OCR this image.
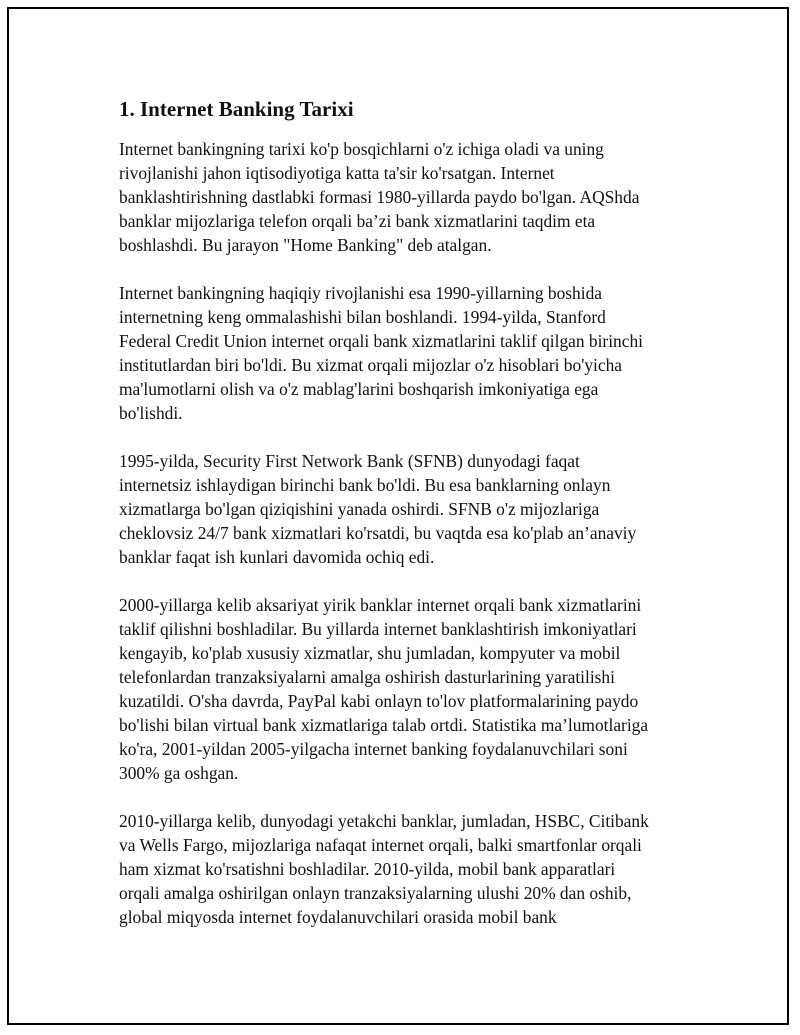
1. Internet Banking Tarixi

Internet bankingning tarixi ko'p bosqichlarni o'z ichiga oladi va uning
rivojlanishi jahon iqtisodiyotiga katta ta'sir ko'rsatgan. Internet
banklashtirishning dastlabki formasi 1980-yillarda paydo bo'lgan. AQShda
banklar mijozlariga telefon orqali ba’zi bank xizmatlarini taqdim eta
boshlashdi. Bu jarayon "Home Banking" deb atalgan.

Internet bankingning haqiqiy rivojlanishi esa 1990-yillarning boshida
internetning keng ommalashishi bilan boshlandi. 1994-yilda, Stanford
Federal Credit Union internet orqali bank xizmatlarini taklif qilgan birinchi
institutlardan biri bo'ldi. Bu xizmat orqali mijozlar o'z hisoblari bo'yicha
ma'lumotlarni olish va o'z mablag'larini boshqarish imkoniyatiga ega
bo'lishdi.

1995-yilda, Security First Network Bank (SFNB) dunyodagi faqat
internetsiz ishlaydigan birinchi bank bo'ldi. Bu esa banklarning onlayn
xizmatlarga bo'lgan qiziqishini yanada oshirdi. SFNB o'z mijozlariga
cheklovsiz 24/7 bank xizmatlari ko'rsatdi, bu vaqtda esa ko'plab an’anaviy
banklar faqat ish kunlari davomida ochiq edi.

2000-yillarga kelib aksariyat yirik banklar internet orqali bank xizmatlarini
taklif qilishni boshladilar. Bu yillarda internet banklashtirish imkoniyatlari
kengayib, ko'plab xususiy xizmatlar, shu jumladan, kompyuter va mobil
telefonlardan tranzaksiyalarni amalga oshirish dasturlarining yaratilishi
kuzatildi. O'sha davrda, PayPal kabi onlayn to'lov platformalarining paydo
bo'lishi bilan virtual bank xizmatlariga talab ortdi. Statistika ma’lumotlariga
ko'ra, 2001-yildan 2005-yilgacha internet banking foydalanuvchilari soni
300% ga oshgan.

2010-yillarga kelib, dunyodagi yetakchi banklar, jumladan, HSBC, Citibank
va Wells Fargo, mijozlariga nafaqat internet orqali, balki smartfonlar orqali
ham xizmat ko'rsatishni boshladilar. 2010-yilda, mobil bank apparatlari
orqali amalga oshirilgan onlayn tranzaksiyalarning ulushi 20% dan oshib,
global miqyosda internet foydalanuvchilari orasida mobil bank
